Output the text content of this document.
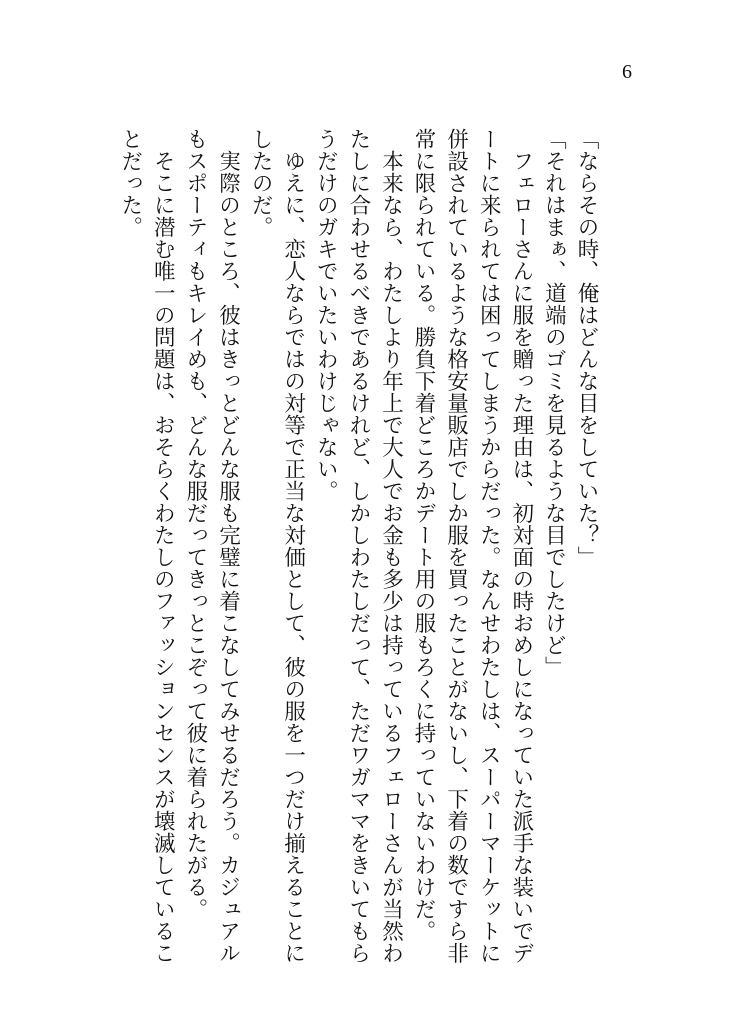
6
「ならその時、俺はどんな目をしていた？」
「それはまぁ、道端のゴミを見るような目でしたけど」
　フェローさんに服を贈った理由は、初対面の時おめしになっていた派手な装いでデ
ートに来られては困ってしまうからだった。なんせわたしは、スーパーマーケットに
併設されているような格安量販店でしか服を買ったことがないし、下着の数ですら非
常に限られている。勝負下着どころかデート用の服もろくに持っていないわけだ。
　本来なら、わたしより年上で大人でお金も多少は持っているフェローさんが当然わ
たしに合わせるべきであるけれど、しかしわたしだって、ただワガママをきいてもら
うだけのガキでいたいわけじゃない。
　ゆえに、恋人ならではの対等で正当な対価として、彼の服を一つだけ揃えることに
したのだ。
　実際のところ、彼はきっとどんな服も完璧に着こなしてみせるだろう。カジュアル
もスポーティもキレイめも、どんな服だってきっとこぞって彼に着られたがる。
　そこに潜む唯一の問題は、おそらくわたしのファッションセンスが壊滅しているこ
とだった。
